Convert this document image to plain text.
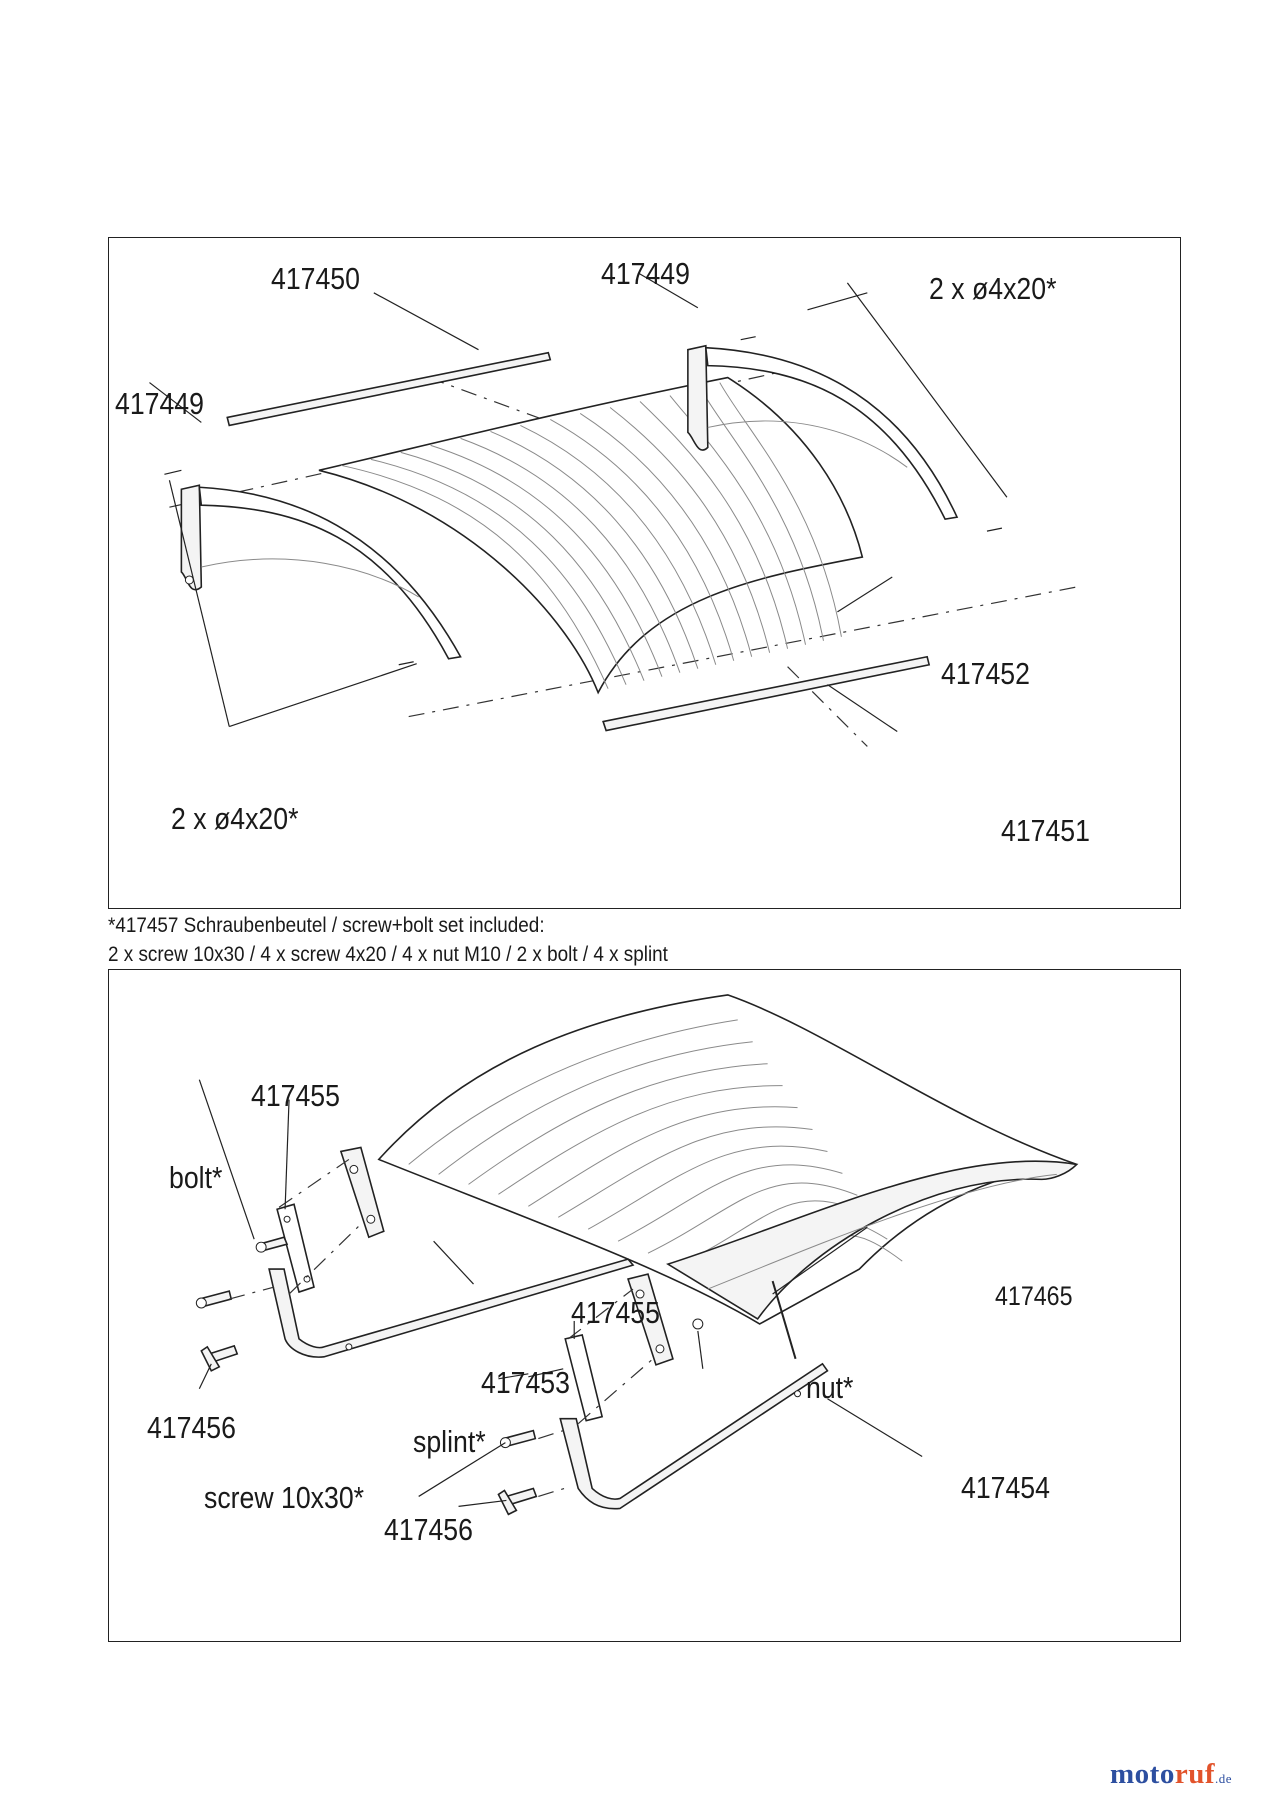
417450
417449
417449	2 x ø4x20*
2 x ø4x20*
417452
417451
*417457 Schraubenbeutel / screw+bolt set included:
2 x screw 10x30 / 4 x screw 4x20 / 4 x nut M10 / 2 x bolt / 4 x splint
417455
bolt*
417456
417453
417455
splint*
screw 10x30*
417456
nut*
417465
417454
motoruf.de
